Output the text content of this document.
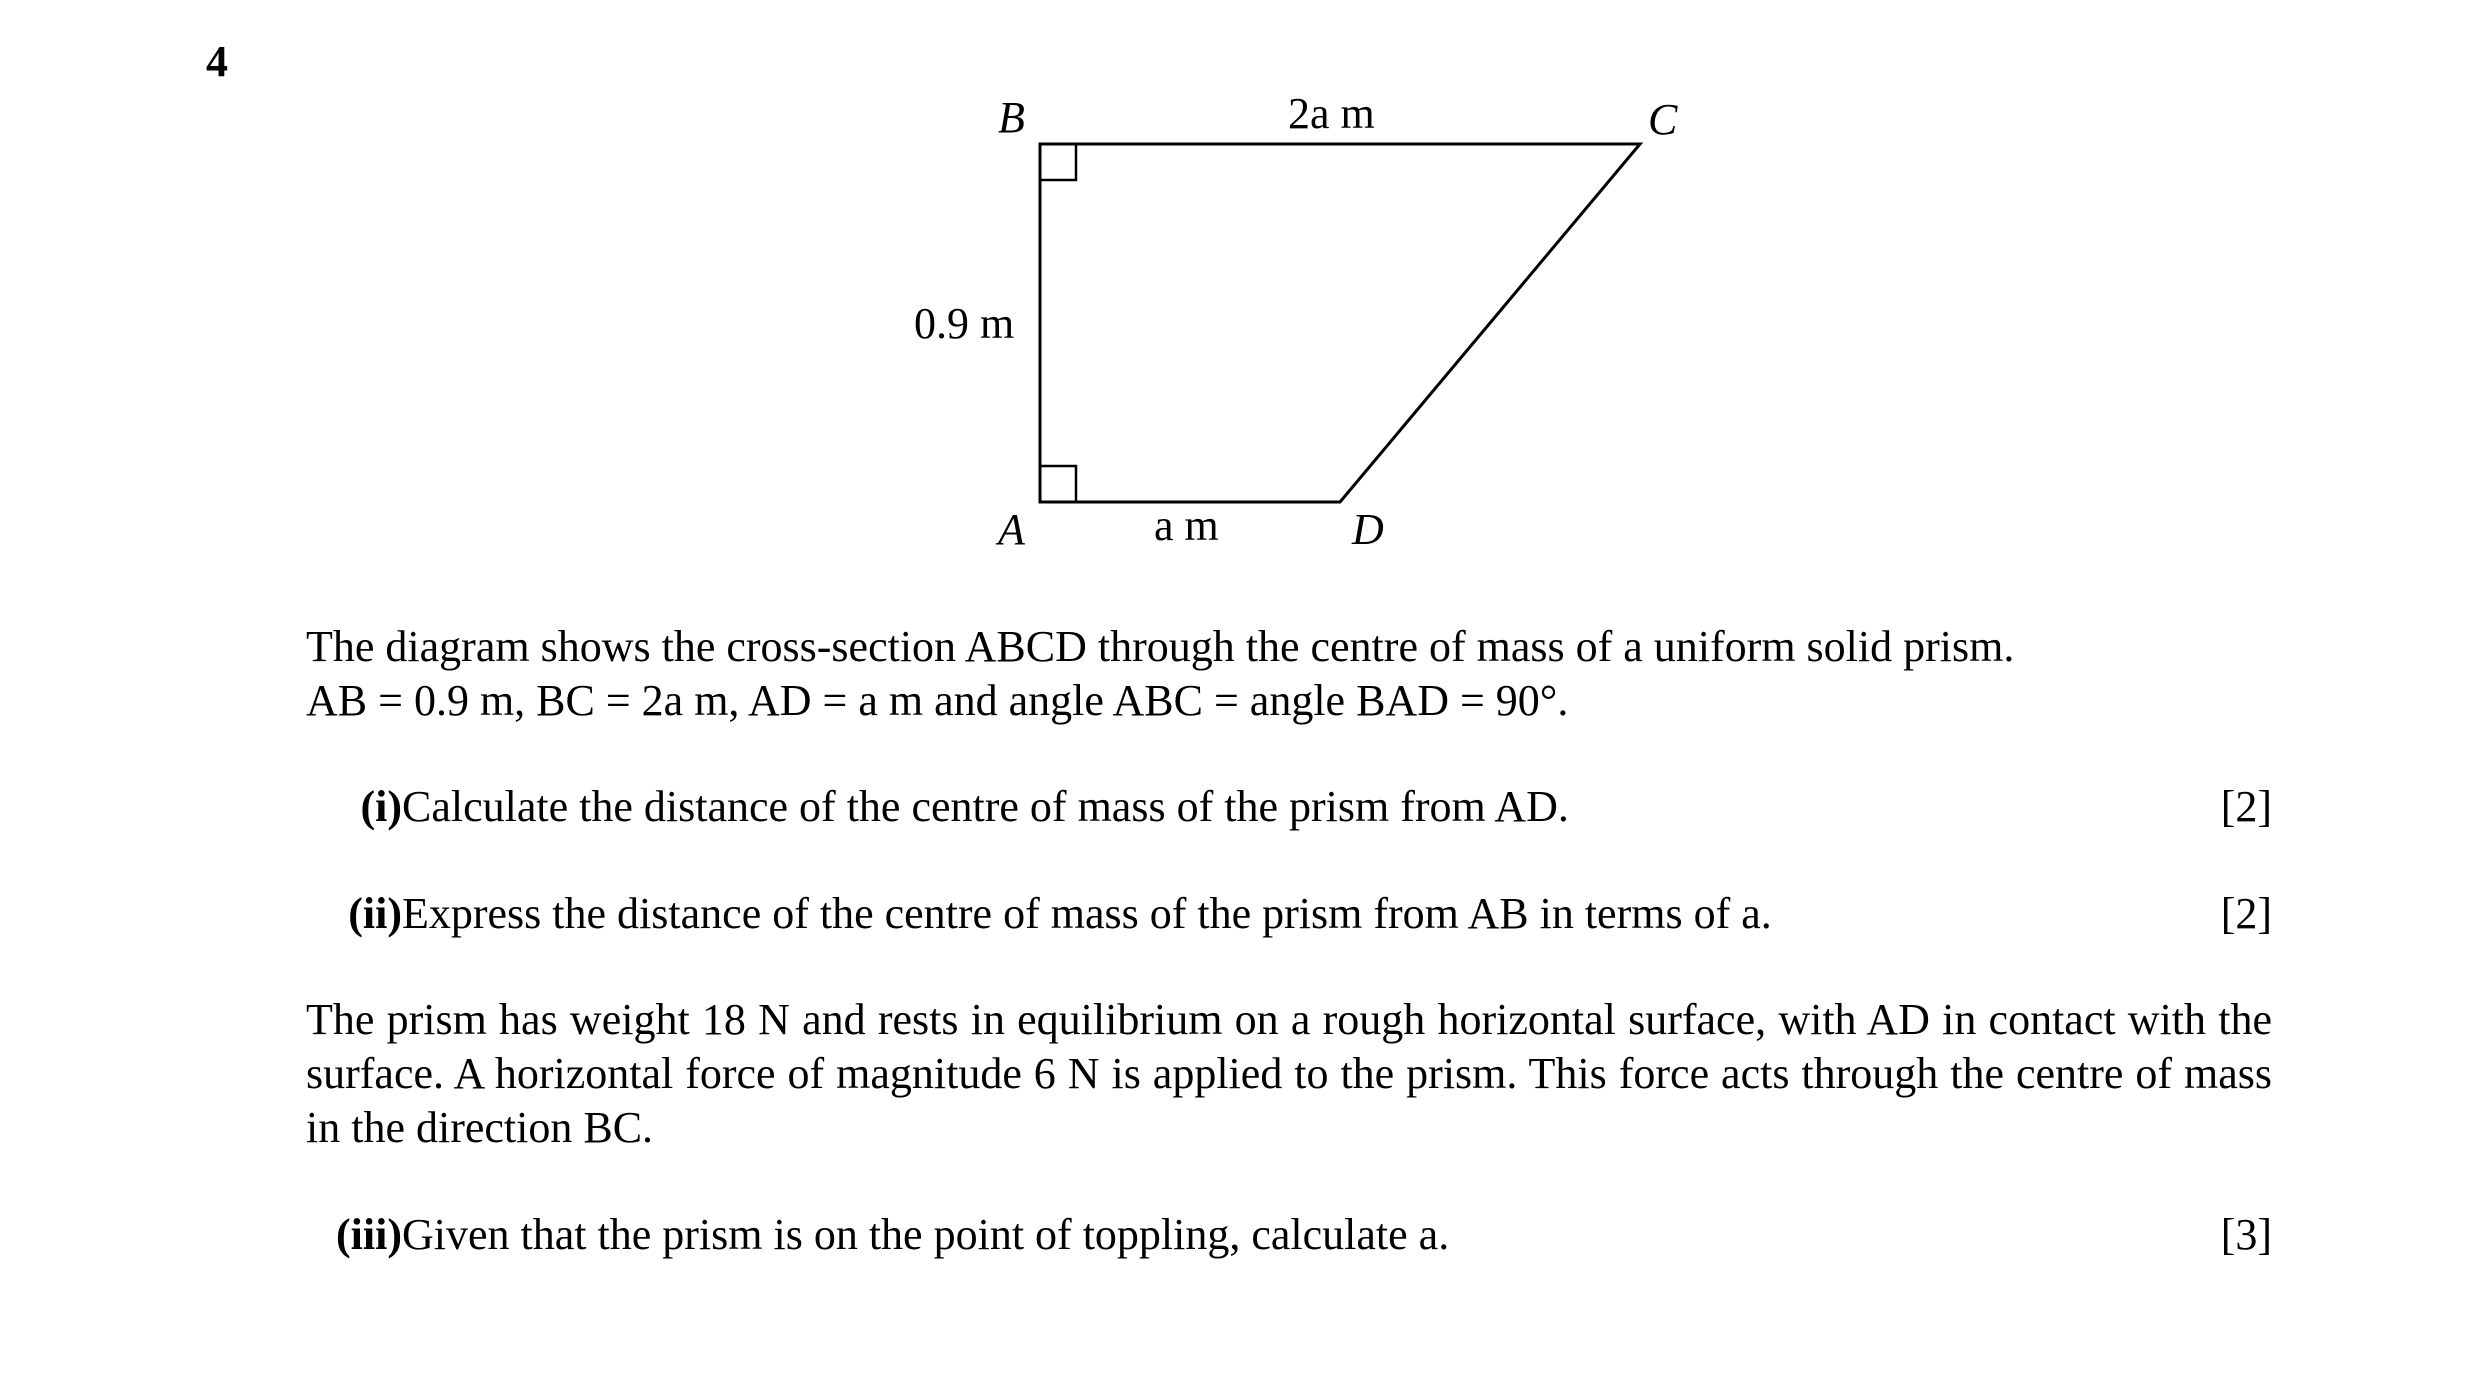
4
B	C
A	D
2a m
0.9 m
a m
The diagram shows the cross-section ABCD through the centre of mass of a uniform solid prism.
AB = 0.9 m, BC = 2a m, AD = a m and angle ABC = angle BAD = 90°.
(i) Calculate the distance of the centre of mass of the prism from AD.	[2]
(ii) Express the distance of the centre of mass of the prism from AB in terms of a.	[2]
The prism has weight 18 N and rests in equilibrium on a rough horizontal surface, with AD in contact with the surface. A horizontal force of magnitude 6 N is applied to the prism. This force acts through the centre of mass in the direction BC.
(iii) Given that the prism is on the point of toppling, calculate a.	[3]
